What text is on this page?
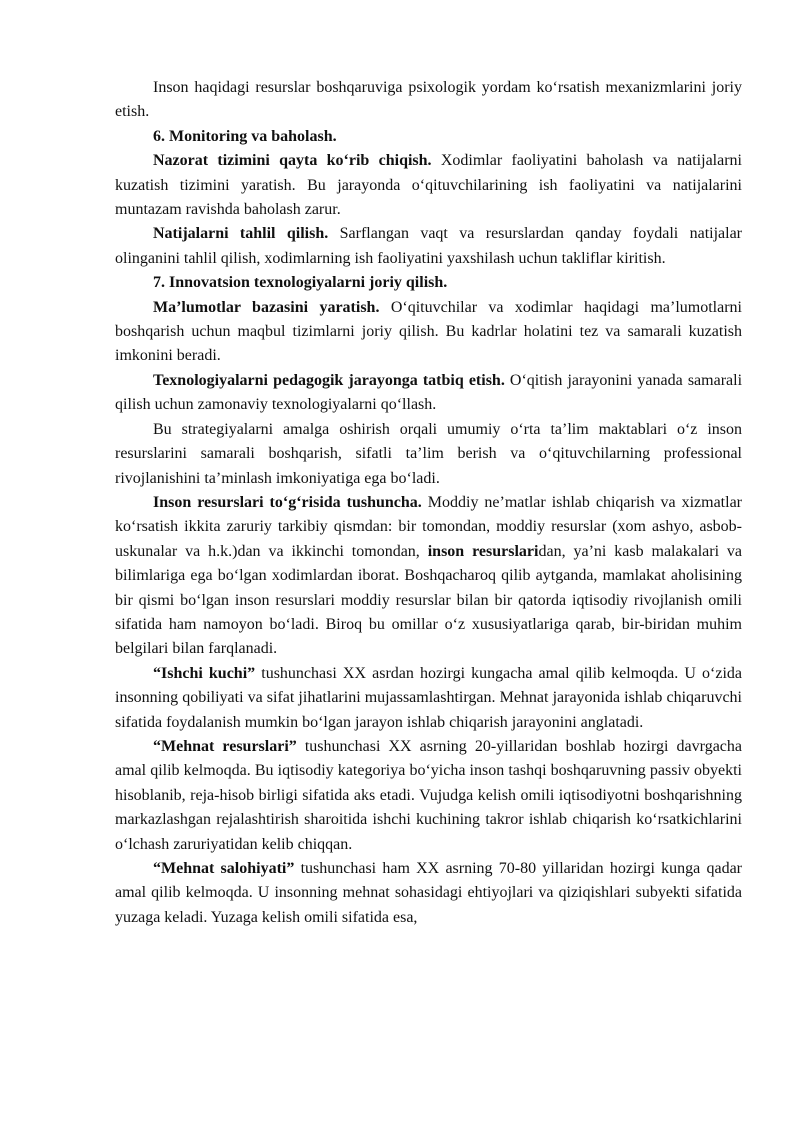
Inson haqidagi resurslar boshqaruviga psixologik yordam ko‘rsatish mexanizmlarini joriy etish.

6. Monitoring va baholash.

Nazorat tizimini qayta ko‘rib chiqish. Xodimlar faoliyatini baholash va natijalarni kuzatish tizimini yaratish. Bu jarayonda o‘qituvchilarining ish faoliyatini va natijalarini muntazam ravishda baholash zarur.

Natijalarni tahlil qilish. Sarflangan vaqt va resurslardan qanday foydali natijalar olinganini tahlil qilish, xodimlarning ish faoliyatini yaxshilash uchun takliflar kiritish.

7. Innovatsion texnologiyalarni joriy qilish.

Ma’lumotlar bazasini yaratish. O‘qituvchilar va xodimlar haqidagi ma’lumotlarni boshqarish uchun maqbul tizimlarni joriy qilish. Bu kadrlar holatini tez va samarali kuzatish imkonini beradi.

Texnologiyalarni pedagogik jarayonga tatbiq etish. O‘qitish jarayonini yanada samarali qilish uchun zamonaviy texnologiyalarni qo‘llash.

Bu strategiyalarni amalga oshirish orqali umumiy o‘rta ta’lim maktablari o‘z inson resurslarini samarali boshqarish, sifatli ta’lim berish va o‘qituvchilarning professional rivojlanishini ta’minlash imkoniyatiga ega bo‘ladi.

Inson resurslari to‘g‘risida tushuncha. Moddiy ne’matlar ishlab chiqarish va xizmatlar ko‘rsatish ikkita zaruriy tarkibiy qismdan: bir tomondan, moddiy resurslar (xom ashyo, asbob-uskunalar va h.k.)dan va ikkinchi tomondan, inson resurslaridan, ya’ni kasb malakalari va bilimlariga ega bo‘lgan xodimlardan iborat. Boshqacharoq qilib aytganda, mamlakat aholisining bir qismi bo‘lgan inson resurslari moddiy resurslar bilan bir qatorda iqtisodiy rivojlanish omili sifatida ham namoyon bo‘ladi. Biroq bu omillar o‘z xususiyatlariga qarab, bir-biridan muhim belgilari bilan farqlanadi.

“Ishchi kuchi” tushunchasi XX asrdan hozirgi kungacha amal qilib kelmoqda. U o‘zida insonning qobiliyati va sifat jihatlarini mujassamlashtirgan. Mehnat jarayonida ishlab chiqaruvchi sifatida foydalanish mumkin bo‘lgan jarayon ishlab chiqarish jarayonini anglatadi.

“Mehnat resurslari” tushunchasi XX asrning 20-yillaridan boshlab hozirgi davrgacha amal qilib kelmoqda. Bu iqtisodiy kategoriya bo‘yicha inson tashqi boshqaruvning passiv obyekti hisoblanib, reja-hisob birligi sifatida aks etadi. Vujudga kelish omili iqtisodiyotni boshqarishning markazlashgan rejalashtirish sharoitida ishchi kuchining takror ishlab chiqarish ko‘rsatkichlarini o‘lchash zaruriyatidan kelib chiqqan.

“Mehnat salohiyati” tushunchasi ham XX asrning 70-80 yillaridan hozirgi kunga qadar amal qilib kelmoqda. U insonning mehnat sohasidagi ehtiyojlari va qiziqishlari subyekti sifatida yuzaga keladi. Yuzaga kelish omili sifatida esa,
